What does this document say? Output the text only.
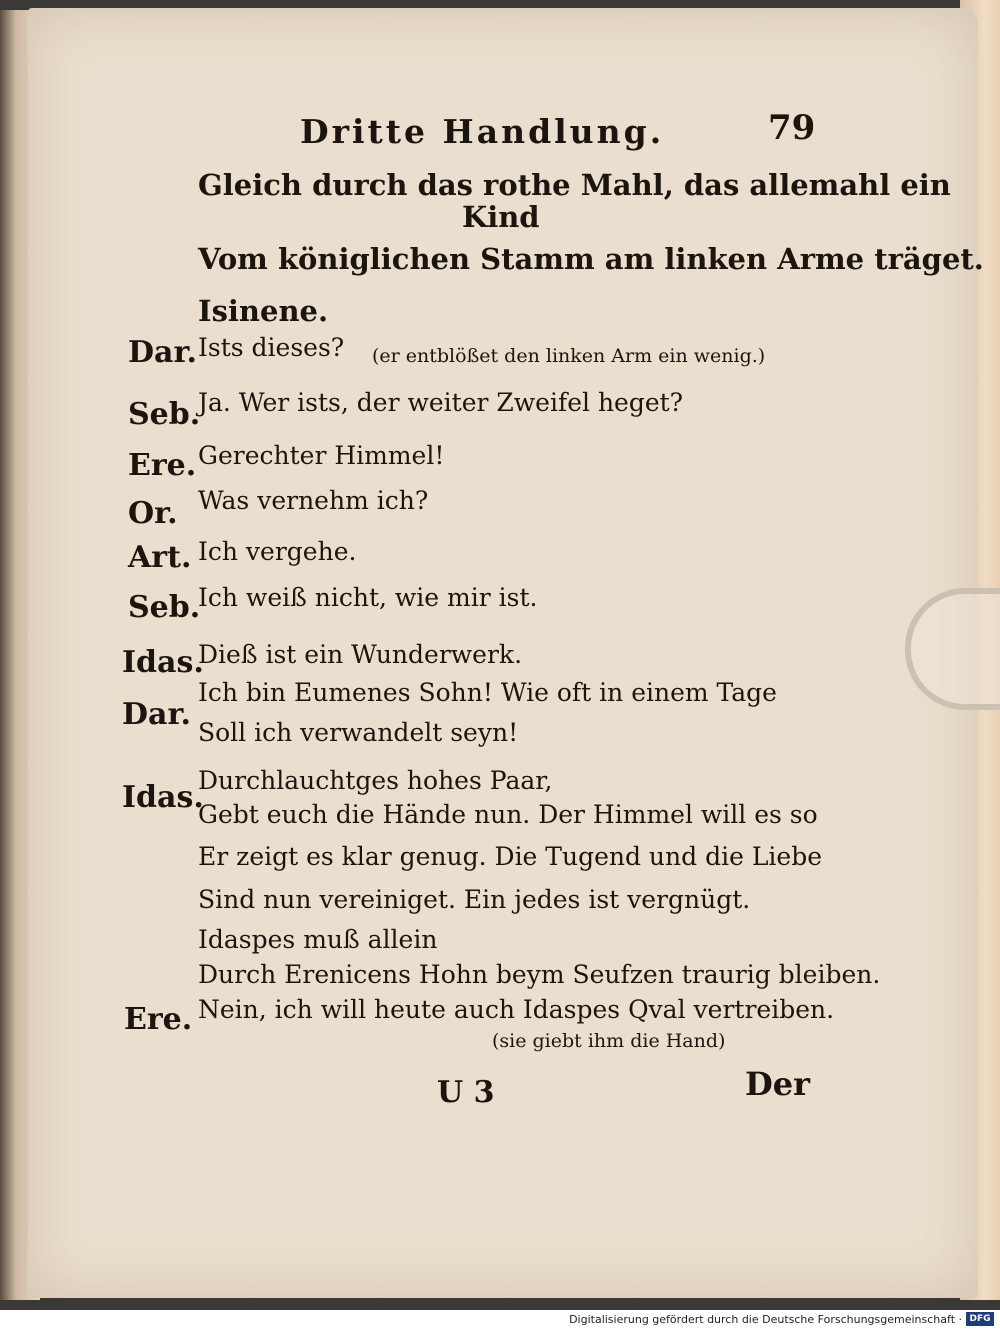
Dritte Handlung.	79
Gleich durch das rothe Mahl, das allemahl ein
Kind
Vom königlichen Stamm am linken Arme träget.
Isinene.
Dar. Ists dieses? (er entblößet den linken Arm ein wenig.)
Seb.
Ja. Wer ists, der weiter Zweifel heget?
Ere. Gerechter Himmel!
Or. Was vernehm ich?
Art. Ich vergehe.
Seb.
Ich weiß nicht, wie mir ist.
Idas.
Dieß ist ein Wunderwerk.
Dar.
Ich bin Eumenes Sohn! Wie oft in einem Tage
Soll ich verwandelt seyn!
Idas.
Durchlauchtges hohes Paar,
Gebt euch die Hände nun. Der Himmel will es so
Er zeigt es klar genug. Die Tugend und die Liebe
Sind nun vereiniget. Ein jedes ist vergnügt.
Idaspes muß allein
Durch Erenicens Hohn beym Seufzen traurig bleiben.
Ere. Nein, ich will heute auch Idaspes Qval vertreiben.
(sie giebt ihm die Hand)
U 3	Der
Digitalisierung gefördert durch die Deutsche Forschungsgemeinschaft · DFG
